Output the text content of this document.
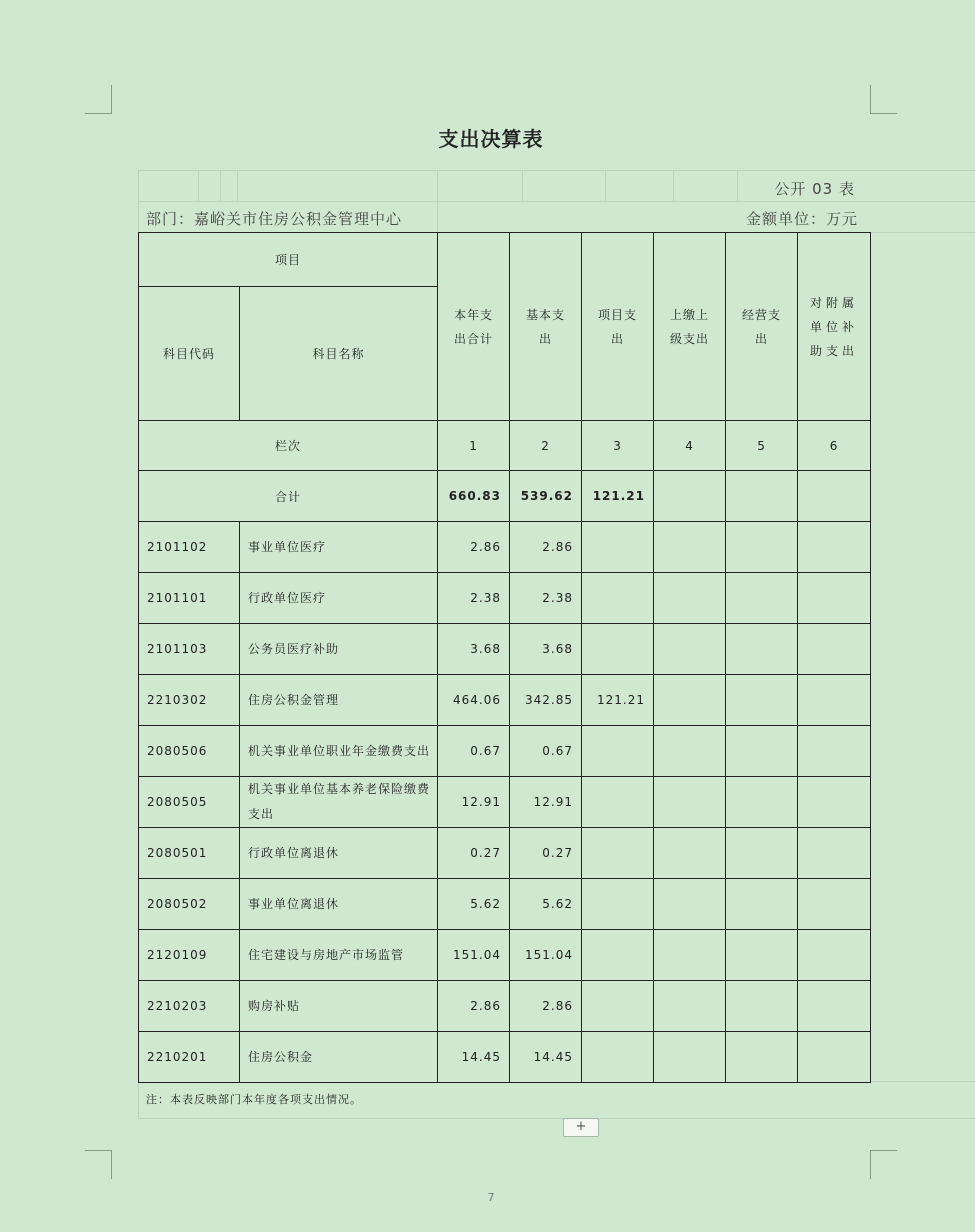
支出决算表
公开 03 表
部门：嘉峪关市住房公积金管理中心	金额单位：万元
项目		本年支出合计	基本支出	项目支出	上缴上级支出	经营支出	对附属单位补助支出

科目代码	科目名称						
栏次		1	2	3	4	5	6
合计		660.83	539.62	121.21			
2101102	事业单位医疗	2.86	2.86				
2101101	行政单位医疗	2.38	2.38				
2101103	公务员医疗补助	3.68	3.68				
2210302	住房公积金管理	464.06	342.85	121.21			
2080506	机关事业单位职业年金缴费支出	0.67	0.67				
2080505	机关事业单位基本养老保险缴费支出	12.91	12.91				
2080501	行政单位离退休	0.27	0.27				
2080502	事业单位离退休	5.62	5.62				
2120109	住宅建设与房地产市场监管	151.04	151.04				
2210203	购房补贴	2.86	2.86				
2210201	住房公积金	14.45	14.45				
注：本表反映部门本年度各项支出情况。
+
7
